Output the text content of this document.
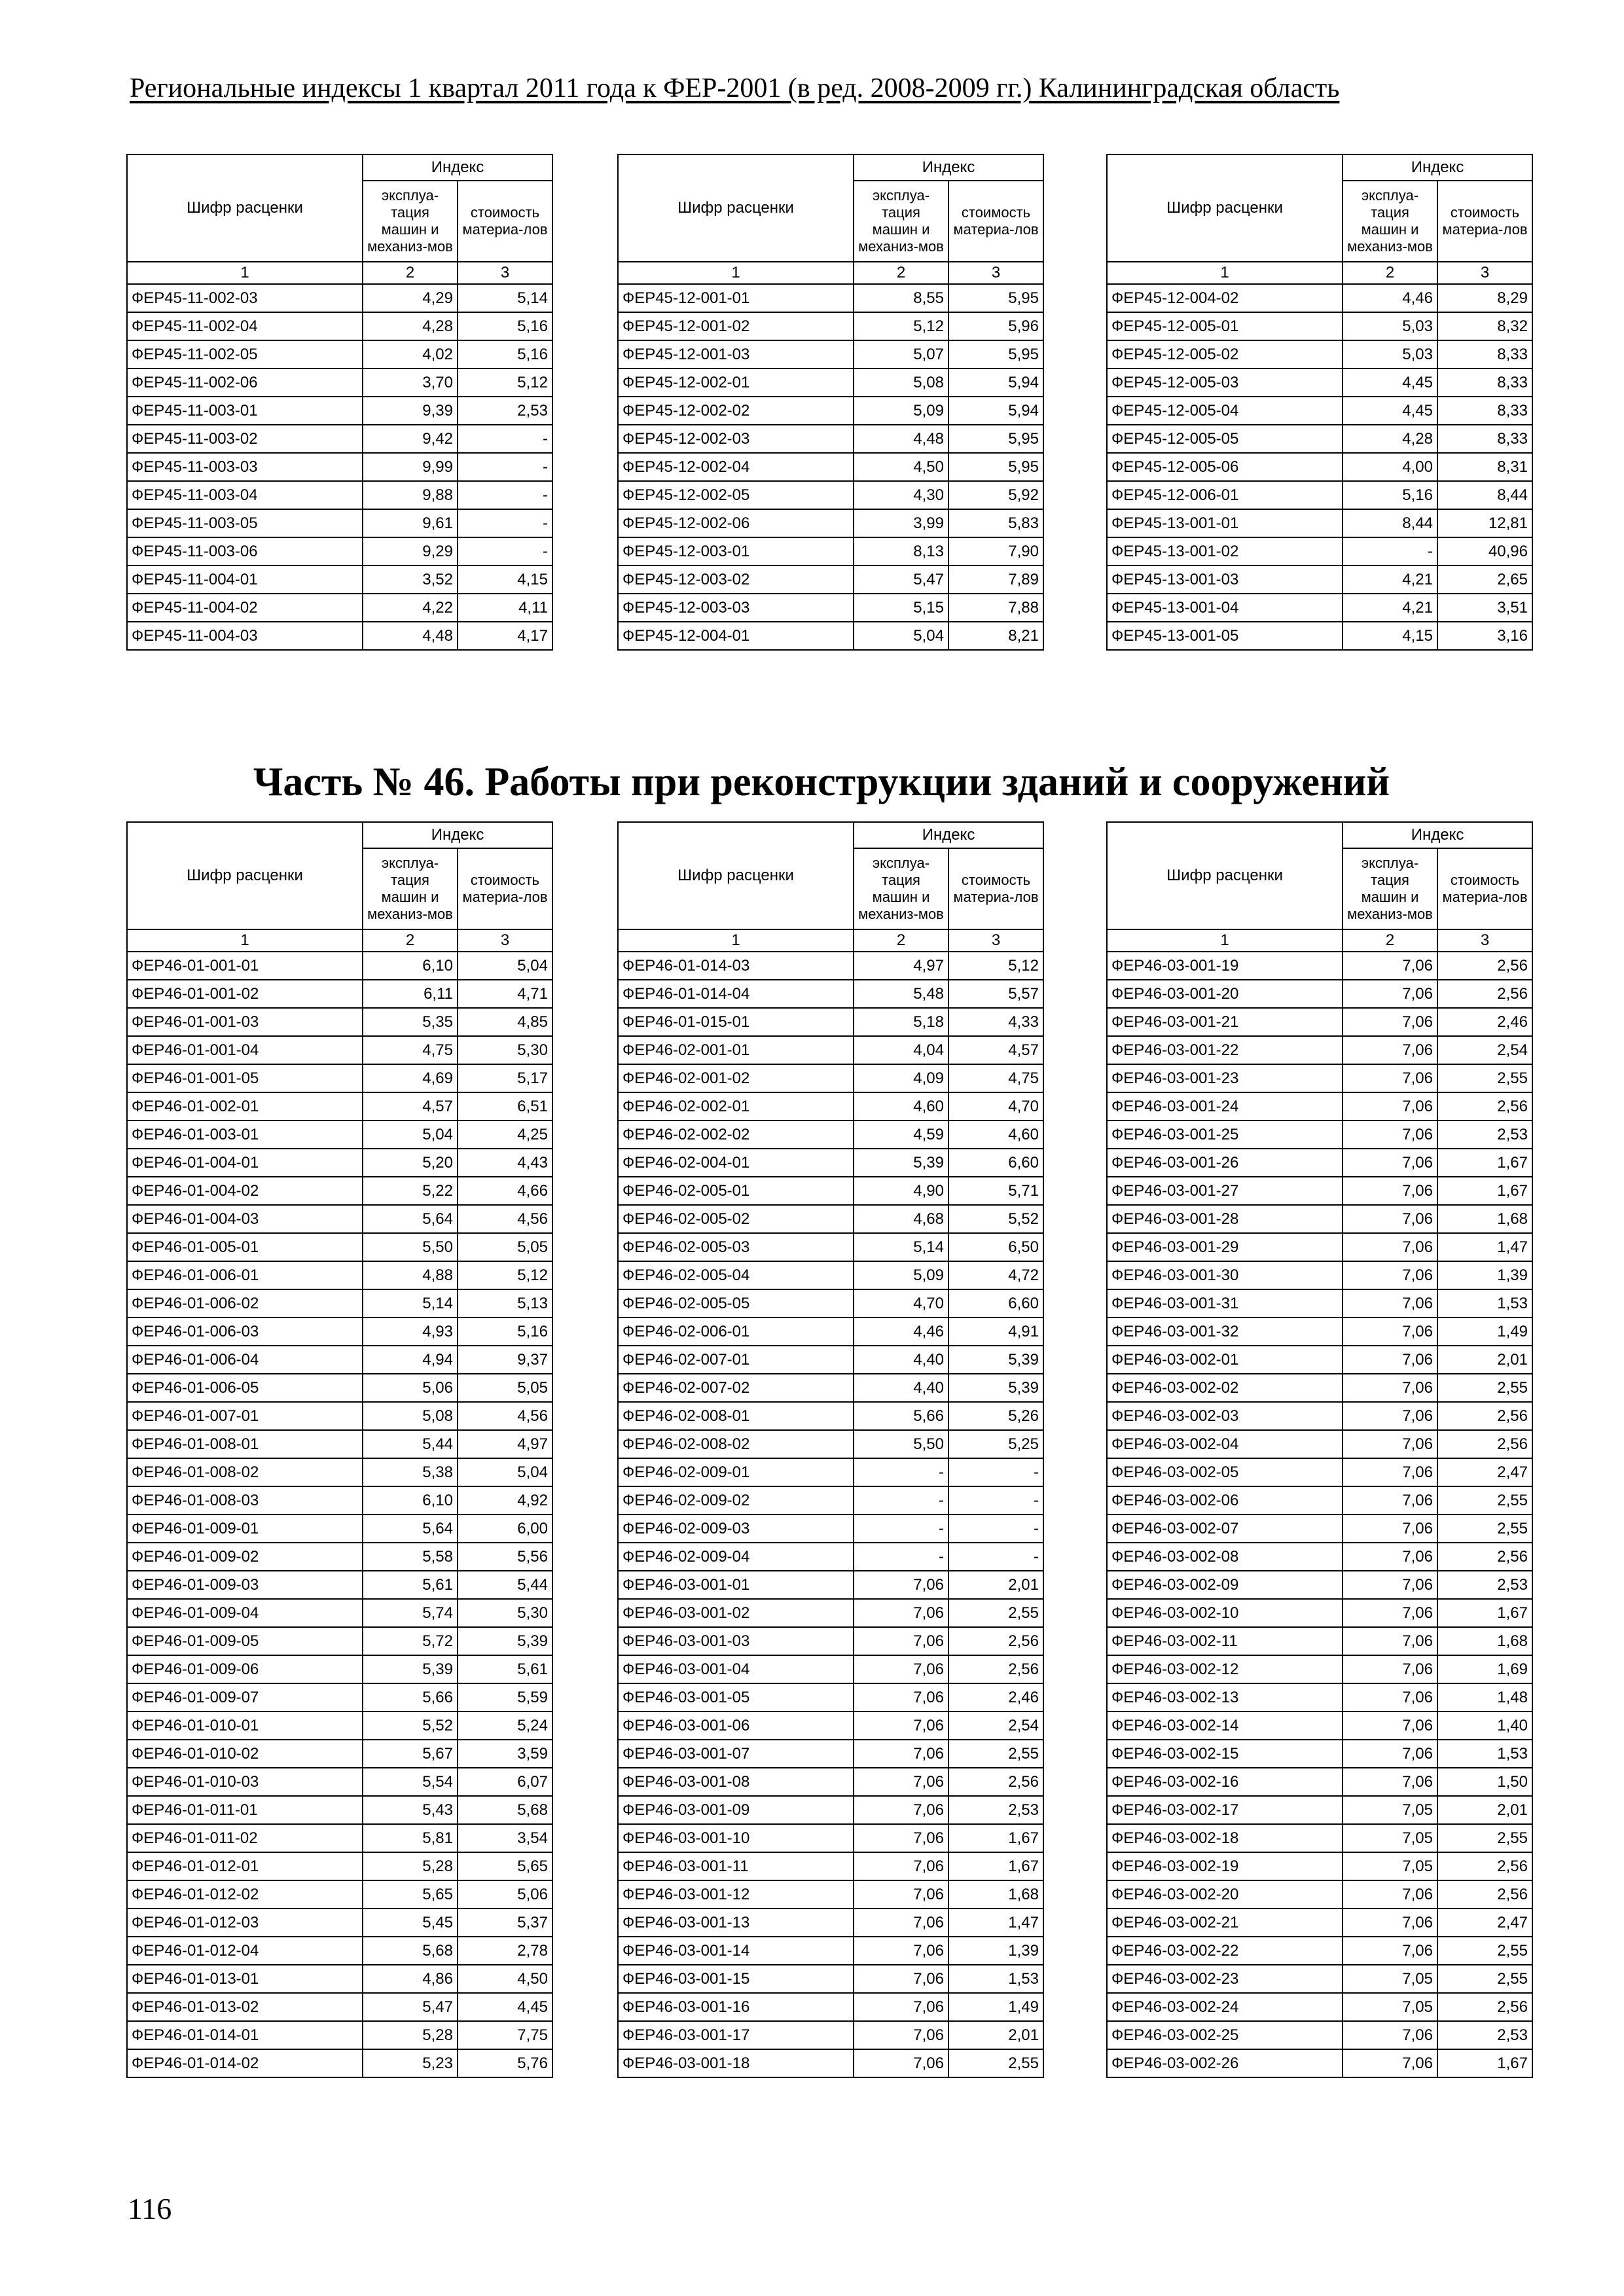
Региональные индексы 1 квартал 2011 года к ФЕР-2001 (в ред. 2008-2009 гг.) Калининградская область
Шифр расценки	Индекс	
	эксплуа-тация машин и механиз-мов	стоимость материа-лов
1	2	3
ФЕР45-11-002-03	4,29	5,14
ФЕР45-11-002-04	4,28	5,16
ФЕР45-11-002-05	4,02	5,16
ФЕР45-11-002-06	3,70	5,12
ФЕР45-11-003-01	9,39	2,53
ФЕР45-11-003-02	9,42	-
ФЕР45-11-003-03	9,99	-
ФЕР45-11-003-04	9,88	-
ФЕР45-11-003-05	9,61	-
ФЕР45-11-003-06	9,29	-
ФЕР45-11-004-01	3,52	4,15
ФЕР45-11-004-02	4,22	4,11
ФЕР45-11-004-03	4,48	4,17
Шифр расценки	Индекс	
	эксплуа-тация машин и механиз-мов	стоимость материа-лов
1	2	3
ФЕР45-12-001-01	8,55	5,95
ФЕР45-12-001-02	5,12	5,96
ФЕР45-12-001-03	5,07	5,95
ФЕР45-12-002-01	5,08	5,94
ФЕР45-12-002-02	5,09	5,94
ФЕР45-12-002-03	4,48	5,95
ФЕР45-12-002-04	4,50	5,95
ФЕР45-12-002-05	4,30	5,92
ФЕР45-12-002-06	3,99	5,83
ФЕР45-12-003-01	8,13	7,90
ФЕР45-12-003-02	5,47	7,89
ФЕР45-12-003-03	5,15	7,88
ФЕР45-12-004-01	5,04	8,21
Шифр расценки	Индекс	
	эксплуа-тация машин и механиз-мов	стоимость материа-лов
1	2	3
ФЕР45-12-004-02	4,46	8,29
ФЕР45-12-005-01	5,03	8,32
ФЕР45-12-005-02	5,03	8,33
ФЕР45-12-005-03	4,45	8,33
ФЕР45-12-005-04	4,45	8,33
ФЕР45-12-005-05	4,28	8,33
ФЕР45-12-005-06	4,00	8,31
ФЕР45-12-006-01	5,16	8,44
ФЕР45-13-001-01	8,44	12,81
ФЕР45-13-001-02	-	40,96
ФЕР45-13-001-03	4,21	2,65
ФЕР45-13-001-04	4,21	3,51
ФЕР45-13-001-05	4,15	3,16
Часть № 46. Работы при реконструкции зданий и сооружений
Шифр расценки	Индекс	
	эксплуа-тация машин и механиз-мов	стоимость материа-лов
1	2	3
ФЕР46-01-001-01	6,10	5,04
ФЕР46-01-001-02	6,11	4,71
ФЕР46-01-001-03	5,35	4,85
ФЕР46-01-001-04	4,75	5,30
ФЕР46-01-001-05	4,69	5,17
ФЕР46-01-002-01	4,57	6,51
ФЕР46-01-003-01	5,04	4,25
ФЕР46-01-004-01	5,20	4,43
ФЕР46-01-004-02	5,22	4,66
ФЕР46-01-004-03	5,64	4,56
ФЕР46-01-005-01	5,50	5,05
ФЕР46-01-006-01	4,88	5,12
ФЕР46-01-006-02	5,14	5,13
ФЕР46-01-006-03	4,93	5,16
ФЕР46-01-006-04	4,94	9,37
ФЕР46-01-006-05	5,06	5,05
ФЕР46-01-007-01	5,08	4,56
ФЕР46-01-008-01	5,44	4,97
ФЕР46-01-008-02	5,38	5,04
ФЕР46-01-008-03	6,10	4,92
ФЕР46-01-009-01	5,64	6,00
ФЕР46-01-009-02	5,58	5,56
ФЕР46-01-009-03	5,61	5,44
ФЕР46-01-009-04	5,74	5,30
ФЕР46-01-009-05	5,72	5,39
ФЕР46-01-009-06	5,39	5,61
ФЕР46-01-009-07	5,66	5,59
ФЕР46-01-010-01	5,52	5,24
ФЕР46-01-010-02	5,67	3,59
ФЕР46-01-010-03	5,54	6,07
ФЕР46-01-011-01	5,43	5,68
ФЕР46-01-011-02	5,81	3,54
ФЕР46-01-012-01	5,28	5,65
ФЕР46-01-012-02	5,65	5,06
ФЕР46-01-012-03	5,45	5,37
ФЕР46-01-012-04	5,68	2,78
ФЕР46-01-013-01	4,86	4,50
ФЕР46-01-013-02	5,47	4,45
ФЕР46-01-014-01	5,28	7,75
ФЕР46-01-014-02	5,23	5,76
Шифр расценки	Индекс	
	эксплуа-тация машин и механиз-мов	стоимость материа-лов
1	2	3
ФЕР46-01-014-03	4,97	5,12
ФЕР46-01-014-04	5,48	5,57
ФЕР46-01-015-01	5,18	4,33
ФЕР46-02-001-01	4,04	4,57
ФЕР46-02-001-02	4,09	4,75
ФЕР46-02-002-01	4,60	4,70
ФЕР46-02-002-02	4,59	4,60
ФЕР46-02-004-01	5,39	6,60
ФЕР46-02-005-01	4,90	5,71
ФЕР46-02-005-02	4,68	5,52
ФЕР46-02-005-03	5,14	6,50
ФЕР46-02-005-04	5,09	4,72
ФЕР46-02-005-05	4,70	6,60
ФЕР46-02-006-01	4,46	4,91
ФЕР46-02-007-01	4,40	5,39
ФЕР46-02-007-02	4,40	5,39
ФЕР46-02-008-01	5,66	5,26
ФЕР46-02-008-02	5,50	5,25
ФЕР46-02-009-01	-	-
ФЕР46-02-009-02	-	-
ФЕР46-02-009-03	-	-
ФЕР46-02-009-04	-	-
ФЕР46-03-001-01	7,06	2,01
ФЕР46-03-001-02	7,06	2,55
ФЕР46-03-001-03	7,06	2,56
ФЕР46-03-001-04	7,06	2,56
ФЕР46-03-001-05	7,06	2,46
ФЕР46-03-001-06	7,06	2,54
ФЕР46-03-001-07	7,06	2,55
ФЕР46-03-001-08	7,06	2,56
ФЕР46-03-001-09	7,06	2,53
ФЕР46-03-001-10	7,06	1,67
ФЕР46-03-001-11	7,06	1,67
ФЕР46-03-001-12	7,06	1,68
ФЕР46-03-001-13	7,06	1,47
ФЕР46-03-001-14	7,06	1,39
ФЕР46-03-001-15	7,06	1,53
ФЕР46-03-001-16	7,06	1,49
ФЕР46-03-001-17	7,06	2,01
ФЕР46-03-001-18	7,06	2,55
Шифр расценки	Индекс	
	эксплуа-тация машин и механиз-мов	стоимость материа-лов
1	2	3
ФЕР46-03-001-19	7,06	2,56
ФЕР46-03-001-20	7,06	2,56
ФЕР46-03-001-21	7,06	2,46
ФЕР46-03-001-22	7,06	2,54
ФЕР46-03-001-23	7,06	2,55
ФЕР46-03-001-24	7,06	2,56
ФЕР46-03-001-25	7,06	2,53
ФЕР46-03-001-26	7,06	1,67
ФЕР46-03-001-27	7,06	1,67
ФЕР46-03-001-28	7,06	1,68
ФЕР46-03-001-29	7,06	1,47
ФЕР46-03-001-30	7,06	1,39
ФЕР46-03-001-31	7,06	1,53
ФЕР46-03-001-32	7,06	1,49
ФЕР46-03-002-01	7,06	2,01
ФЕР46-03-002-02	7,06	2,55
ФЕР46-03-002-03	7,06	2,56
ФЕР46-03-002-04	7,06	2,56
ФЕР46-03-002-05	7,06	2,47
ФЕР46-03-002-06	7,06	2,55
ФЕР46-03-002-07	7,06	2,55
ФЕР46-03-002-08	7,06	2,56
ФЕР46-03-002-09	7,06	2,53
ФЕР46-03-002-10	7,06	1,67
ФЕР46-03-002-11	7,06	1,68
ФЕР46-03-002-12	7,06	1,69
ФЕР46-03-002-13	7,06	1,48
ФЕР46-03-002-14	7,06	1,40
ФЕР46-03-002-15	7,06	1,53
ФЕР46-03-002-16	7,06	1,50
ФЕР46-03-002-17	7,05	2,01
ФЕР46-03-002-18	7,05	2,55
ФЕР46-03-002-19	7,05	2,56
ФЕР46-03-002-20	7,06	2,56
ФЕР46-03-002-21	7,06	2,47
ФЕР46-03-002-22	7,06	2,55
ФЕР46-03-002-23	7,05	2,55
ФЕР46-03-002-24	7,05	2,56
ФЕР46-03-002-25	7,06	2,53
ФЕР46-03-002-26	7,06	1,67
116
